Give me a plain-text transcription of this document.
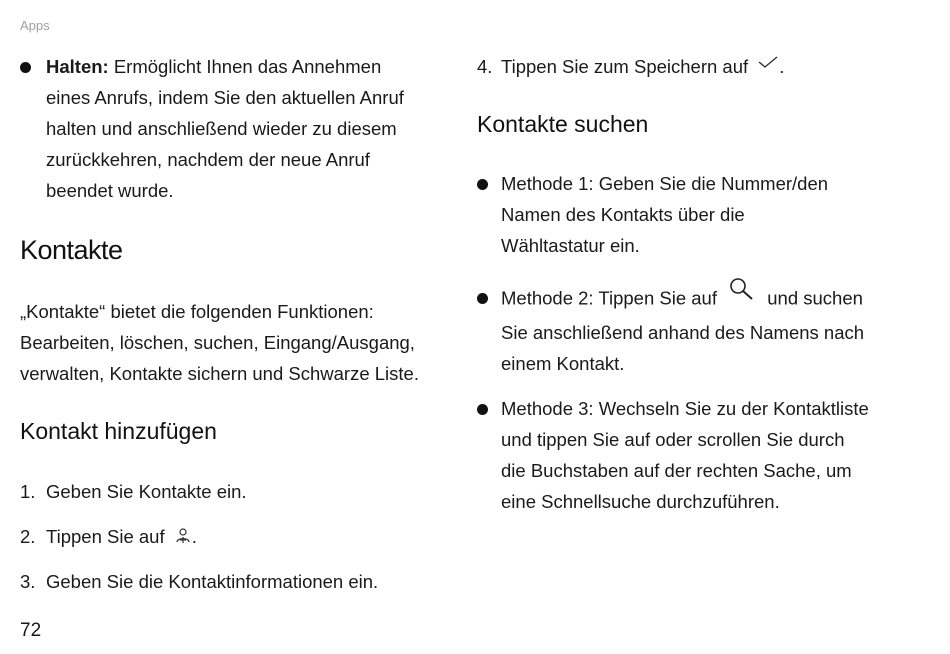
Apps
Halten: Ermöglicht Ihnen das Annehmen
eines Anrufs, indem Sie den aktuellen Anruf
halten und anschließend wieder zu diesem
zurückkehren, nachdem der neue Anruf
beendet wurde.
Kontakte
„Kontakte“ bietet die folgenden Funktionen:
Bearbeiten, löschen, suchen, Eingang/Ausgang,
verwalten, Kontakte sichern und Schwarze Liste.
Kontakt hinzufügen
1. Geben Sie Kontakte ein.
2. Tippen Sie auf .
3. Geben Sie die Kontaktinformationen ein.
4. Tippen Sie zum Speichern auf .
Kontakte suchen
Methode 1: Geben Sie die Nummer/den
Namen des Kontakts über die
Wähltastatur ein.
Methode 2: Tippen Sie auf	und suchen
Sie anschließend anhand des Namens nach
einem Kontakt.
Methode 3: Wechseln Sie zu der Kontaktliste
und tippen Sie auf oder scrollen Sie durch
die Buchstaben auf der rechten Sache, um
eine Schnellsuche durchzuführen.
72
